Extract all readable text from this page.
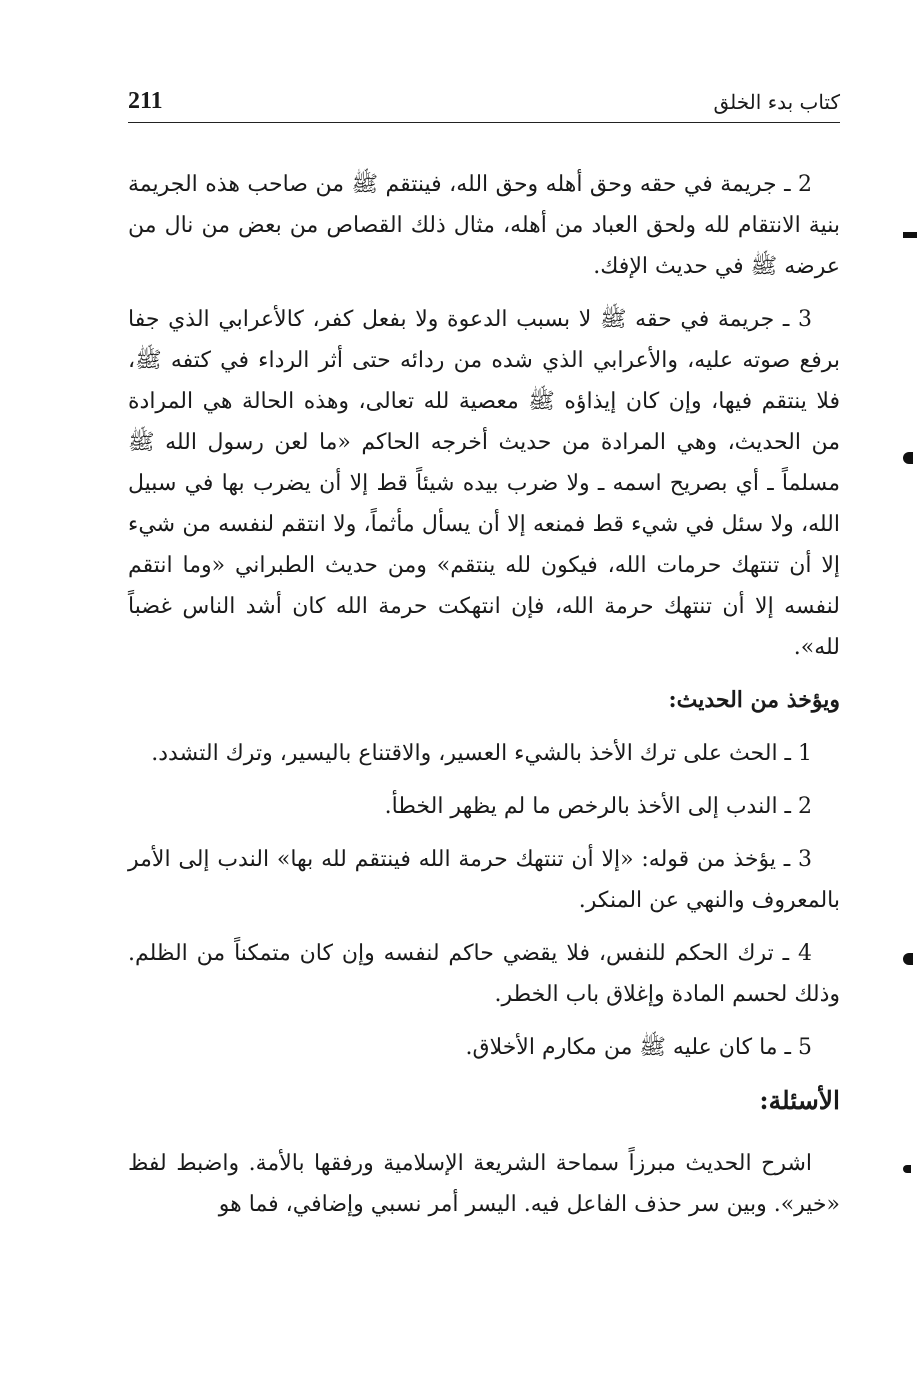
211	كتاب بدء الخلق

2 ـ جريمة في حقه وحق أهله وحق الله، فينتقم ﷺ من صاحب هذه الجريمة بنية الانتقام لله ولحق العباد من أهله، مثال ذلك القصاص من بعض من نال من عرضه ﷺ في حديث الإفك.

3 ـ جريمة في حقه ﷺ لا بسبب الدعوة ولا بفعل كفر، كالأعرابي الذي جفا برفع صوته عليه، والأعرابي الذي شده من ردائه حتى أثر الرداء في كتفه ﷺ، فلا ينتقم فيها، وإن كان إيذاؤه ﷺ معصية لله تعالى، وهذه الحالة هي المرادة من الحديث، وهي المرادة من حديث أخرجه الحاكم «ما لعن رسول الله ﷺ مسلماً ـ أي بصريح اسمه ـ ولا ضرب بيده شيئاً قط إلا أن يضرب بها في سبيل الله، ولا سئل في شيء قط فمنعه إلا أن يسأل مأثماً، ولا انتقم لنفسه من شيء إلا أن تنتهك حرمات الله، فيكون لله ينتقم» ومن حديث الطبراني «وما انتقم لنفسه إلا أن تنتهك حرمة الله، فإن انتهكت حرمة الله كان أشد الناس غضباً لله».

ويؤخذ من الحديث:

1 ـ الحث على ترك الأخذ بالشيء العسير، والاقتناع باليسير، وترك التشدد.

2 ـ الندب إلى الأخذ بالرخص ما لم يظهر الخطأ.

3 ـ يؤخذ من قوله: «إلا أن تنتهك حرمة الله فينتقم لله بها» الندب إلى الأمر بالمعروف والنهي عن المنكر.

4 ـ ترك الحكم للنفس، فلا يقضي حاكم لنفسه وإن كان متمكناً من الظلم. وذلك لحسم المادة وإغلاق باب الخطر.

5 ـ ما كان عليه ﷺ من مكارم الأخلاق.

الأسئلة:

اشرح الحديث مبرزاً سماحة الشريعة الإسلامية ورفقها بالأمة. واضبط لفظ «خير». وبين سر حذف الفاعل فيه. اليسر أمر نسبي وإضافي، فما هو
